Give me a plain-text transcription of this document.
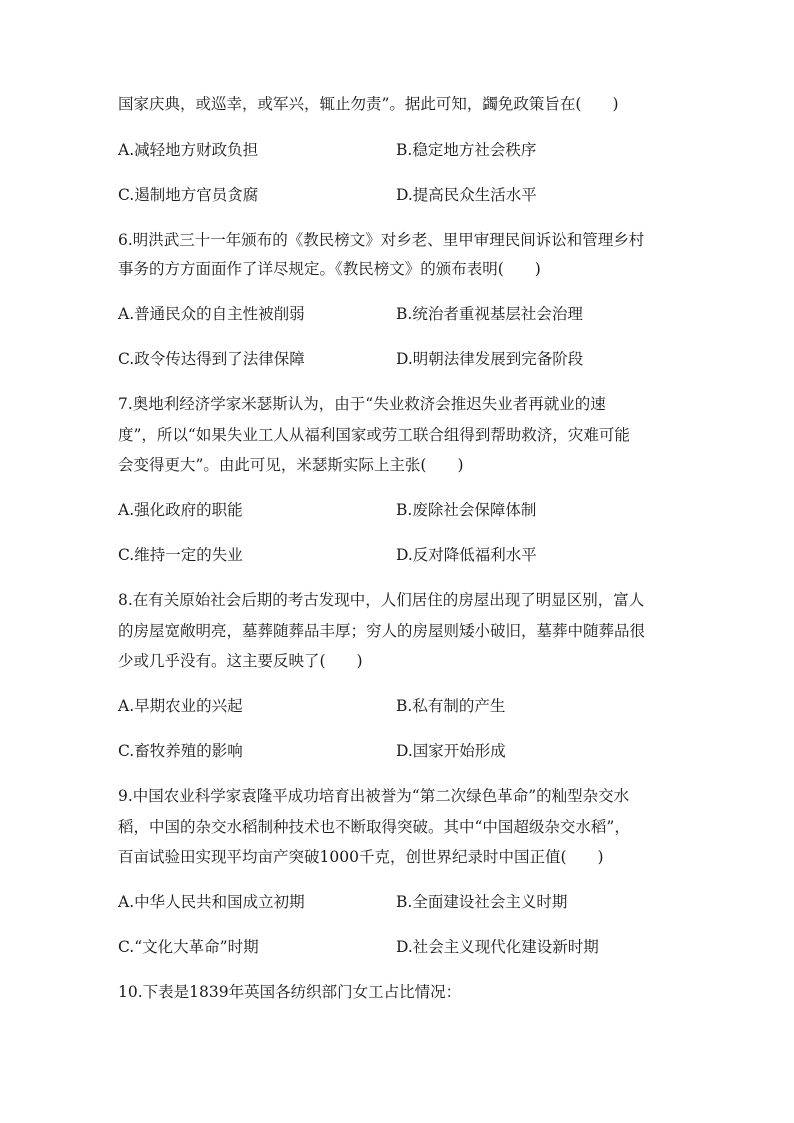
国家庆典，或巡幸，或军兴，辄止勿责”。据此可知，蠲免政策旨在(　　)
A.减轻地方财政负担	B.稳定地方社会秩序
C.遏制地方官员贪腐	D.提高民众生活水平
6.明洪武三十一年颁布的《教民榜文》对乡老、里甲审理民间诉讼和管理乡村
事务的方方面面作了详尽规定。《教民榜文》的颁布表明(　　)
A.普通民众的自主性被削弱	B.统治者重视基层社会治理
C.政令传达得到了法律保障	D.明朝法律发展到完备阶段
7.奥地利经济学家米瑟斯认为，由于“失业救济会推迟失业者再就业的速
度”，所以“如果失业工人从福利国家或劳工联合组得到帮助救济，灾难可能
会变得更大”。由此可见，米瑟斯实际上主张(　　)
A.强化政府的职能	B.废除社会保障体制
C.维持一定的失业	D.反对降低福利水平
8.在有关原始社会后期的考古发现中，人们居住的房屋出现了明显区别，富人
的房屋宽敞明亮，墓葬随葬品丰厚；穷人的房屋则矮小破旧，墓葬中随葬品很
少或几乎没有。这主要反映了(　　)
A.早期农业的兴起	B.私有制的产生
C.畜牧养殖的影响	D.国家开始形成
9.中国农业科学家袁隆平成功培育出被誉为“第二次绿色革命”的籼型杂交水
稻，中国的杂交水稻制种技术也不断取得突破。其中“中国超级杂交水稻”，
百亩试验田实现平均亩产突破1000千克，创世界纪录时中国正值(　　)
A.中华人民共和国成立初期	B.全面建设社会主义时期
C.“文化大革命”时期	D.社会主义现代化建设新时期
10.下表是1839年英国各纺织部门女工占比情况：
